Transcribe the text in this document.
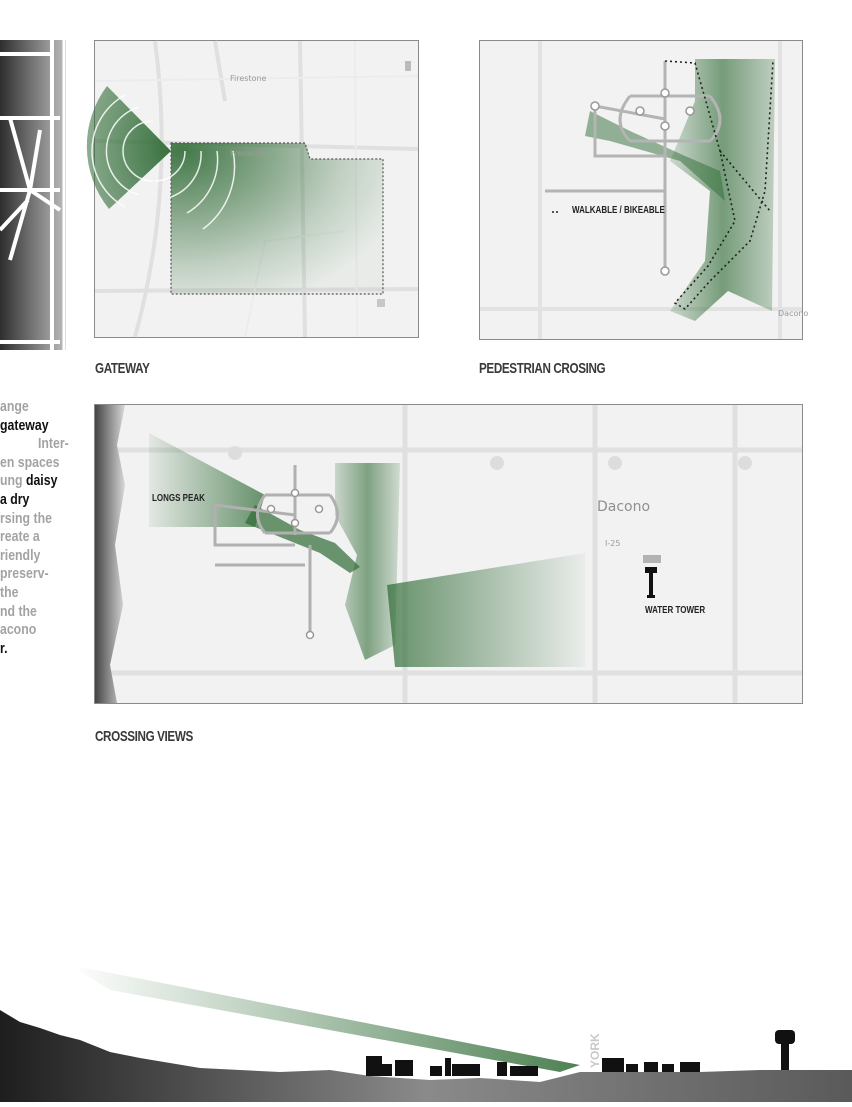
ange
gateway
Inter-
en spaces
ung daisy
a dry
rsing the
reate a
riendly
preserv-
the
nd the
acono
r.
Firestone
Frederick
GATEWAY
WALKABLE / BIKEABLE
Dacono
PEDESTRIAN CROSING
LONGS PEAK
WATER TOWER
Dacono
I-25
CROSSING VIEWS
YORK
